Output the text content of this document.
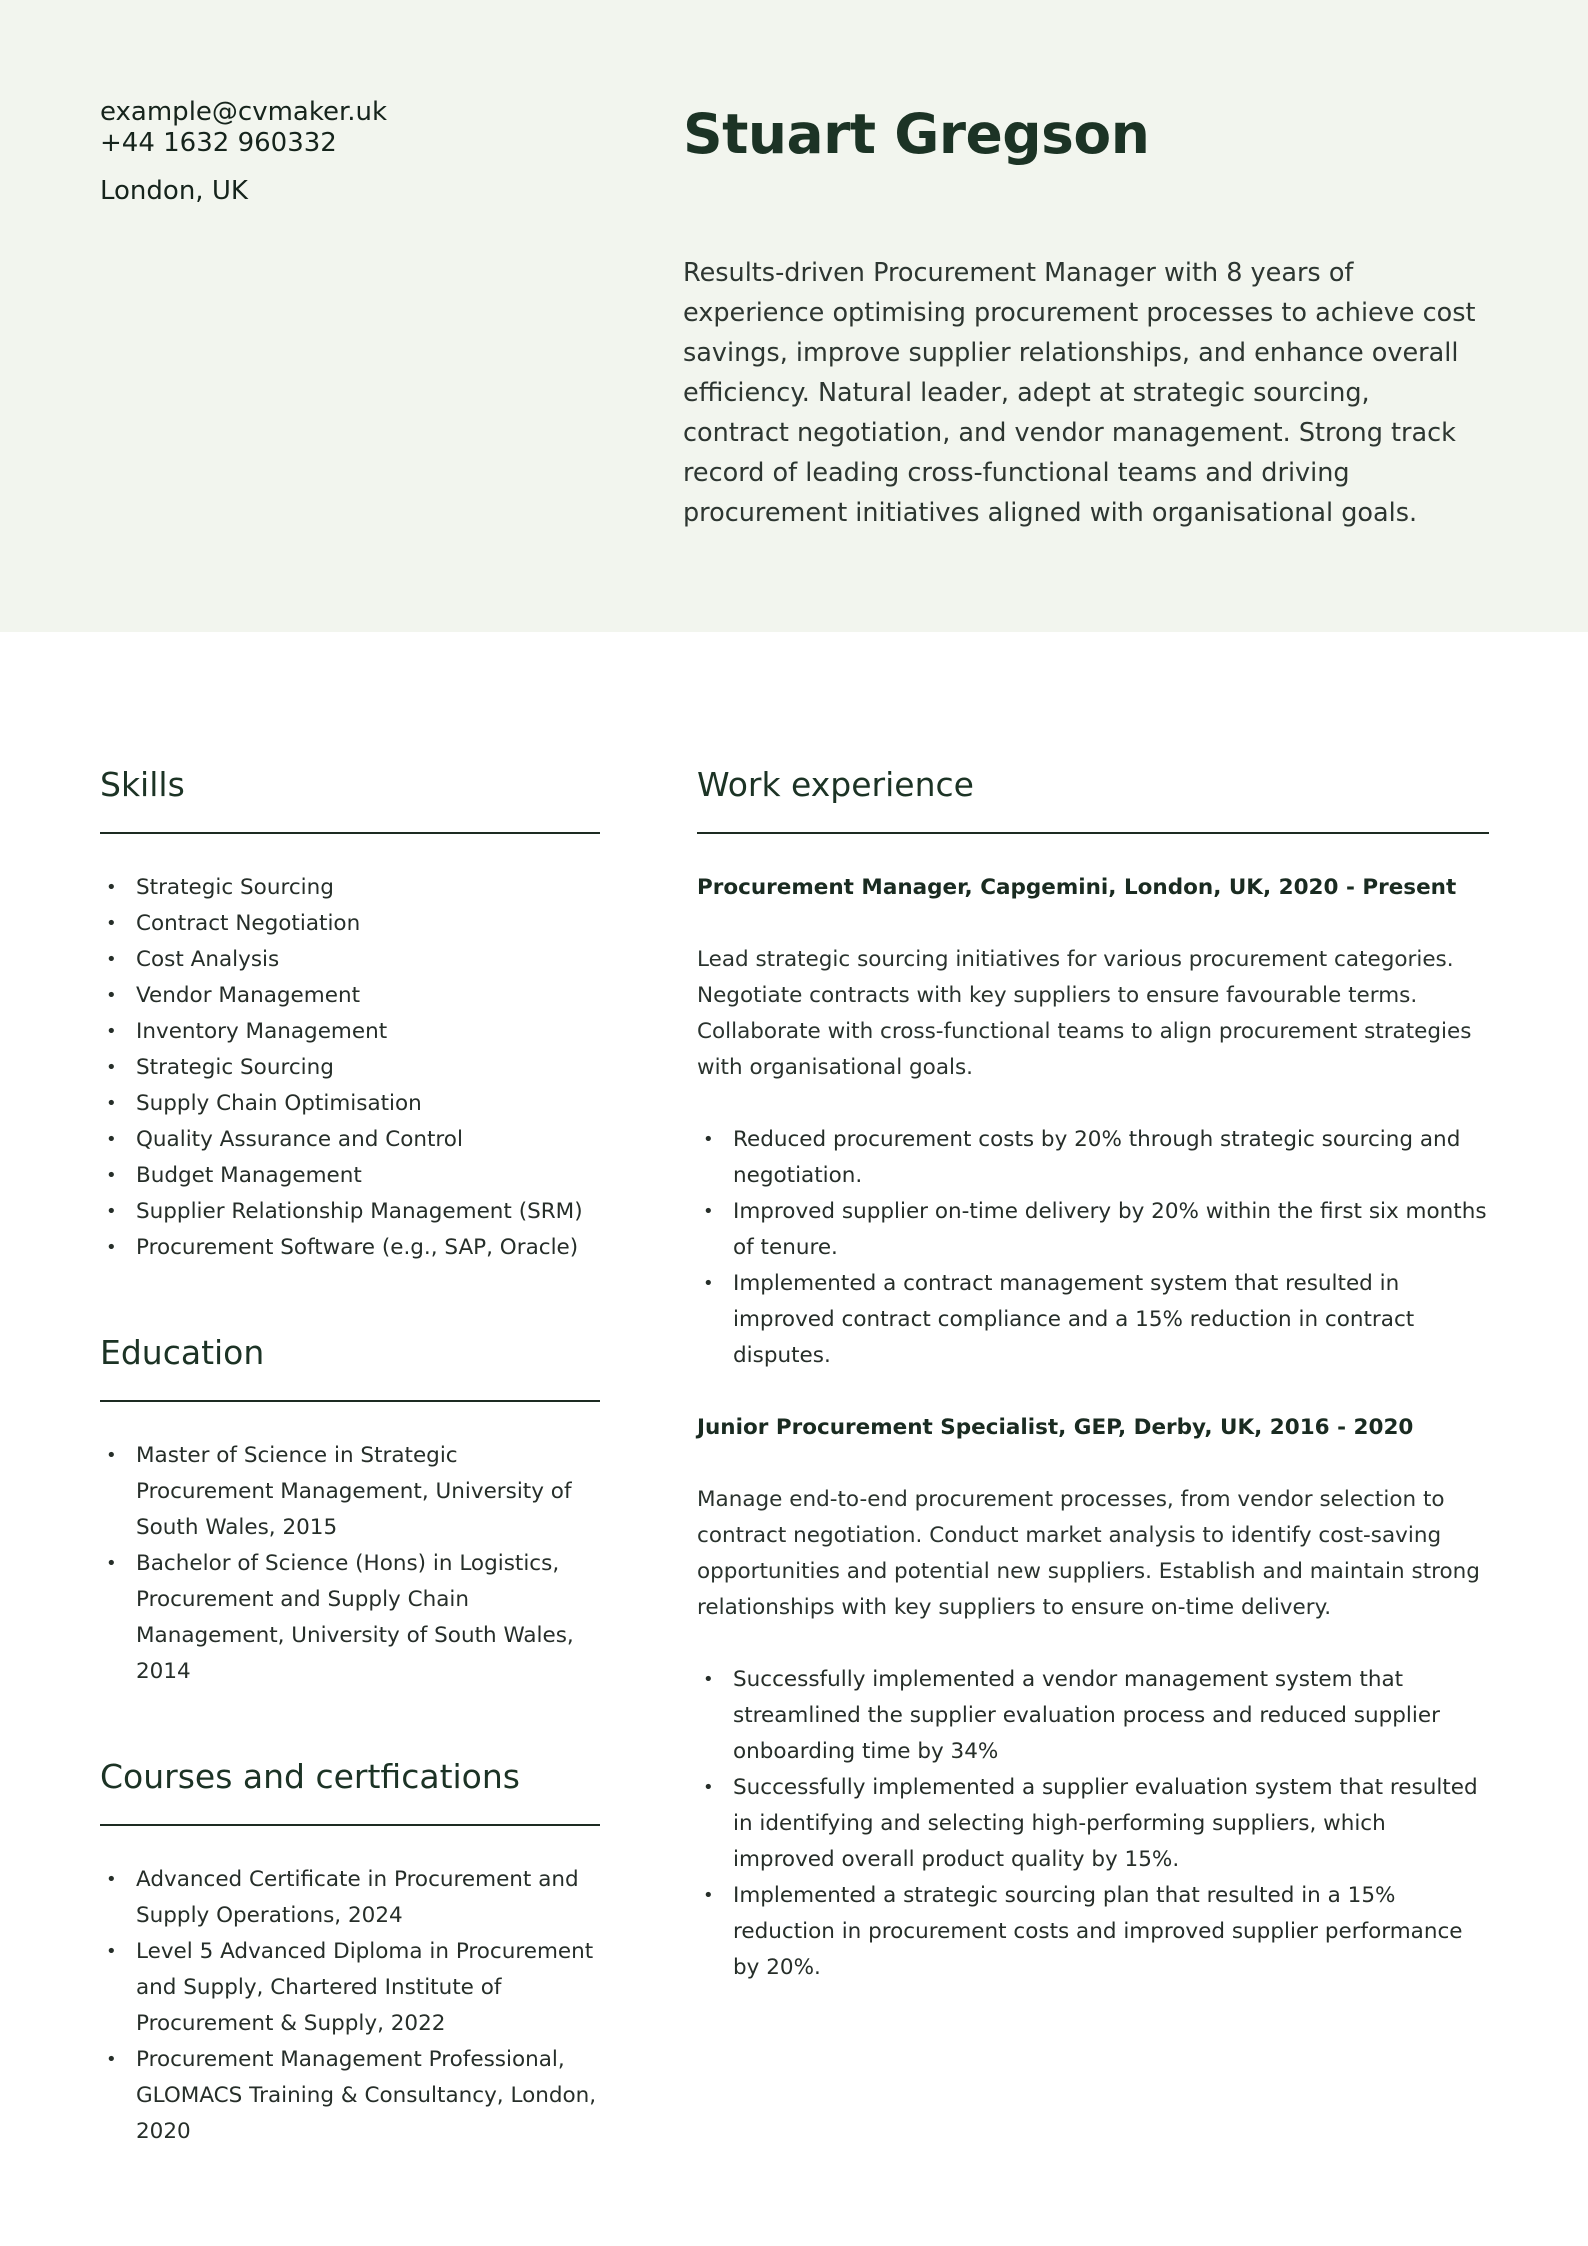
example@cvmaker.uk
+44 1632 960332
London, UK
Stuart Gregson

Results-driven Procurement Manager with 8 years of experience optimising procurement processes to achieve cost savings, improve supplier relationships, and enhance overall efficiency. Natural leader, adept at strategic sourcing, contract negotiation, and vendor management. Strong track record of leading cross-functional teams and driving procurement initiatives aligned with organisational goals.

Skills
• Strategic Sourcing
• Contract Negotiation
• Cost Analysis
• Vendor Management
• Inventory Management
• Strategic Sourcing
• Supply Chain Optimisation
• Quality Assurance and Control
• Budget Management
• Supplier Relationship Management (SRM)
• Procurement Software (e.g., SAP, Oracle)
Education
• Master of Science in Strategic Procurement Management, University of South Wales, 2015
• Bachelor of Science (Hons) in Logistics, Procurement and Supply Chain Management, University of South Wales, 2014
Courses and certfications
• Advanced Certificate in Procurement and Supply Operations, 2024
• Level 5 Advanced Diploma in Procurement and Supply, Chartered Institute of Procurement & Supply, 2022
• Procurement Management Professional, GLOMACS Training & Consultancy, London, 2020
Work experience

Procurement Manager, Capgemini, London, UK, 2020 - Present

Lead strategic sourcing initiatives for various procurement categories. Negotiate contracts with key suppliers to ensure favourable terms. Collaborate with cross-functional teams to align procurement strategies with organisational goals.

• Reduced procurement costs by 20% through strategic sourcing and negotiation.
• Improved supplier on-time delivery by 20% within the first six months of tenure.
• Implemented a contract management system that resulted in improved contract compliance and a 15% reduction in contract disputes.

Junior Procurement Specialist, GEP, Derby, UK, 2016 - 2020

Manage end-to-end procurement processes, from vendor selection to contract negotiation. Conduct market analysis to identify cost-saving opportunities and potential new suppliers. Establish and maintain strong relationships with key suppliers to ensure on-time delivery.

• Successfully implemented a vendor management system that streamlined the supplier evaluation process and reduced supplier onboarding time by 34%
• Successfully implemented a supplier evaluation system that resulted in identifying and selecting high-performing suppliers, which improved overall product quality by 15%.
• Implemented a strategic sourcing plan that resulted in a 15% reduction in procurement costs and improved supplier performance by 20%.
